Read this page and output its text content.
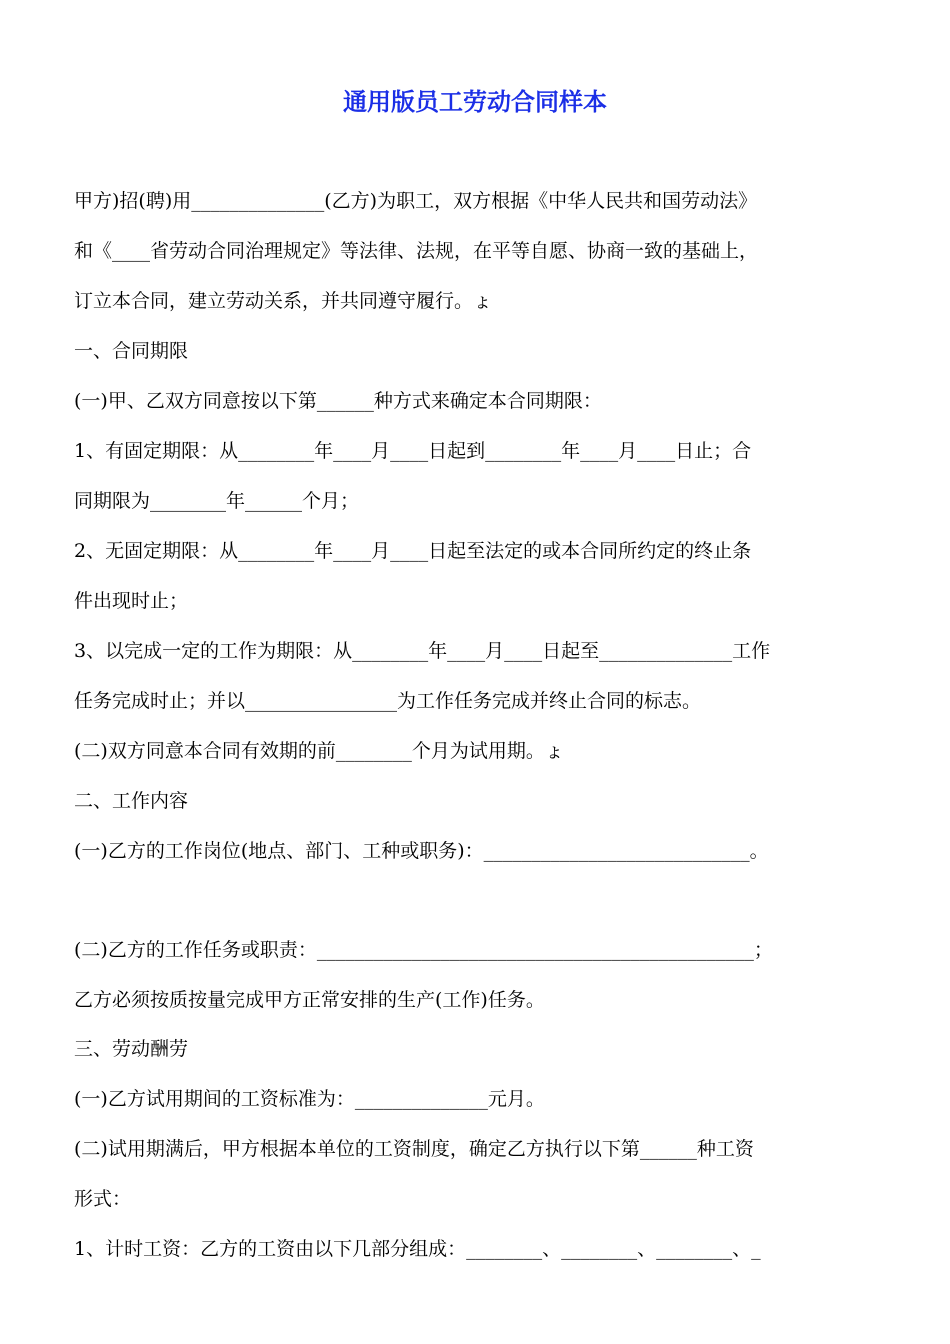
通用版员工劳动合同样本
甲方)招(聘)用______________(乙方)为职工，双方根据《中华人民共和国劳动法》
和《____省劳动合同治理规定》等法律、法规，在平等自愿、协商一致的基础上，
订立本合同，建立劳动关系，并共同遵守履行。ょ
一、合同期限
(一)甲、乙双方同意按以下第______种方式来确定本合同期限：
1、有固定期限：从________年____月____日起到________年____月____日止；合
同期限为________年______个月；
2、无固定期限：从________年____月____日起至法定的或本合同所约定的终止条
件出现时止；
3、以完成一定的工作为期限：从________年____月____日起至______________工作
任务完成时止；并以________________为工作任务完成并终止合同的标志。
(二)双方同意本合同有效期的前________个月为试用期。ょ
二、工作内容
(一)乙方的工作岗位(地点、部门、工种或职务)：____________________________。
(二)乙方的工作任务或职责：______________________________________________；
乙方必须按质按量完成甲方正常安排的生产(工作)任务。
三、劳动酬劳
(一)乙方试用期间的工资标准为：______________元月。
(二)试用期满后，甲方根据本单位的工资制度，确定乙方执行以下第______种工资
形式：
1、计时工资：乙方的工资由以下几部分组成：________、________、________、_
